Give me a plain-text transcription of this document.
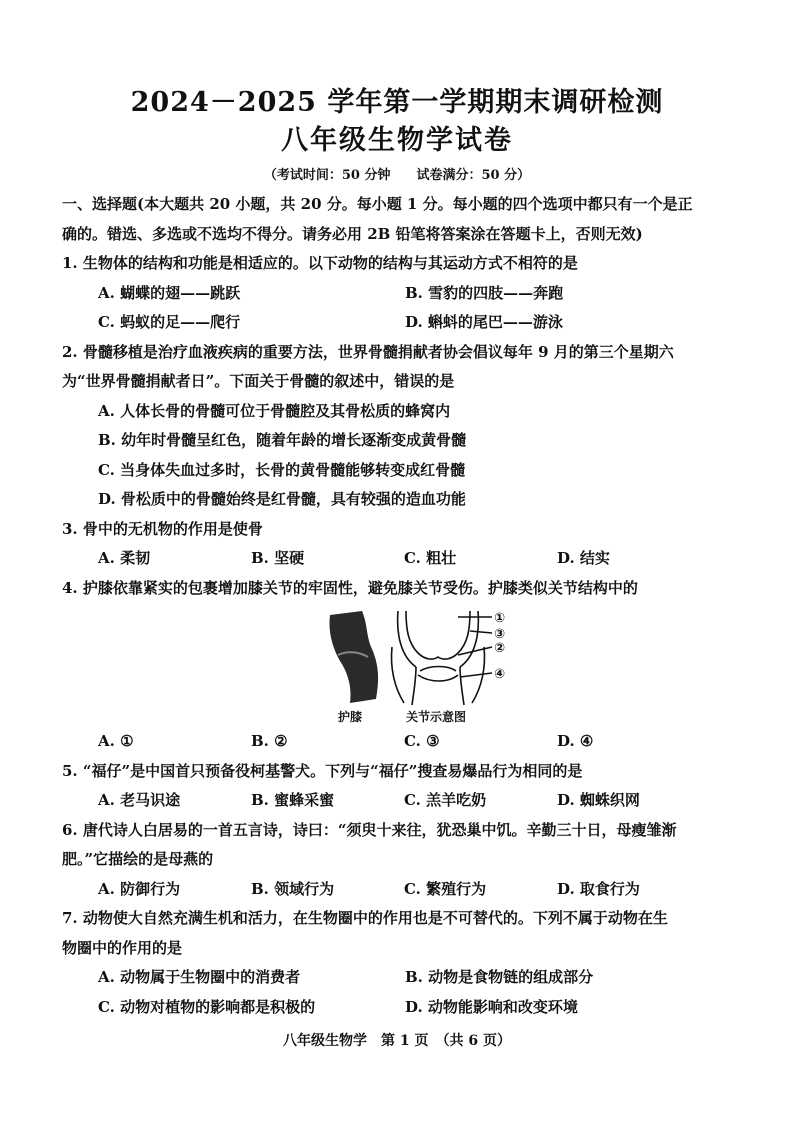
2024－2025 学年第一学期期末调研检测
八年级生物学试卷
（考试时间：50 分钟　　试卷满分：50 分）
一、选择题(本大题共 20 小题，共 20 分。每小题 1 分。每小题的四个选项中都只有一个是正
确的。错选、多选或不选均不得分。请务必用 2B 铅笔将答案涂在答题卡上，否则无效)
1. 生物体的结构和功能是相适应的。以下动物的结构与其运动方式不相符的是
A. 蝴蝶的翅——跳跃	B. 雪豹的四肢——奔跑
C. 蚂蚁的足——爬行	D. 蝌蚪的尾巴——游泳
2. 骨髓移植是治疗血液疾病的重要方法，世界骨髓捐献者协会倡议每年 9 月的第三个星期六
为“世界骨髓捐献者日”。下面关于骨髓的叙述中，错误的是
A. 人体长骨的骨髓可位于骨髓腔及其骨松质的蜂窝内
B. 幼年时骨髓呈红色，随着年龄的增长逐渐变成黄骨髓
C. 当身体失血过多时，长骨的黄骨髓能够转变成红骨髓
D. 骨松质中的骨髓始终是红骨髓，具有较强的造血功能
3. 骨中的无机物的作用是使骨
A. 柔韧	B. 坚硬	C. 粗壮	D. 结实
4. 护膝依靠紧实的包裹增加膝关节的牢固性，避免膝关节受伤。护膝类似关节结构中的
①
③
②
④
护膝	关节示意图
A. ①	B. ②	C. ③	D. ④
5. “福仔”是中国首只预备役柯基警犬。下列与“福仔”搜查易爆品行为相同的是
A. 老马识途	B. 蜜蜂采蜜	C. 羔羊吃奶	D. 蜘蛛织网
6. 唐代诗人白居易的一首五言诗，诗曰：“须臾十来往，犹恐巢中饥。辛勤三十日，母瘦雏渐
肥。”它描绘的是母燕的
A. 防御行为	B. 领域行为	C. 繁殖行为	D. 取食行为
7. 动物使大自然充满生机和活力，在生物圈中的作用也是不可替代的。下列不属于动物在生
物圈中的作用的是
A. 动物属于生物圈中的消费者	B. 动物是食物链的组成部分
C. 动物对植物的影响都是积极的	D. 动物能影响和改变环境
八年级生物学　第 1 页　（共 6 页）
